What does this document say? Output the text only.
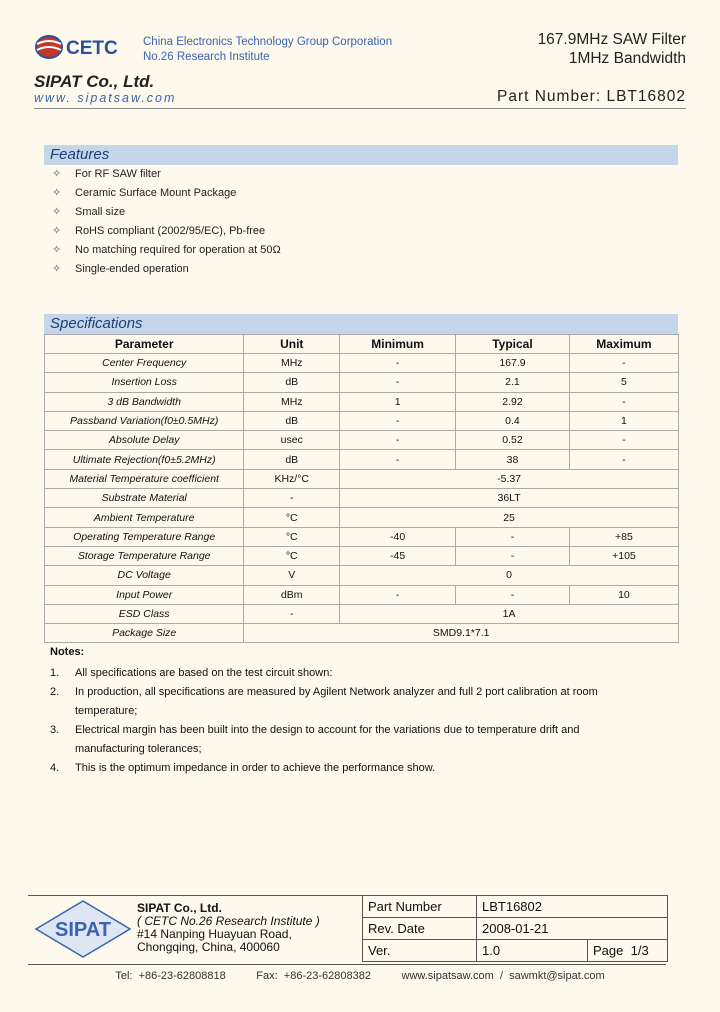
CETC China Electronics Technology Group Corporation
No.26 Research Institute
167.9MHz SAW Filter
1MHz Bandwidth
SIPAT Co., Ltd.
www. sipatsaw.com	Part Number: LBT16802
Features
✧ For RF SAW filter
✧ Ceramic Surface Mount Package
✧ Small size
✧ RoHS compliant (2002/95/EC), Pb-free
✧ No matching required for operation at 50Ω
✧ Single-ended operation
Specifications
Parameter	Unit	Minimum	Typical	Maximum
Center Frequency	MHz	-	167.9	-
Insertion Loss	dB	-	2.1	5
3 dB Bandwidth	MHz	1	2.92	-
Passband Variation(f0±0.5MHz)	dB	-	0.4	1
Absolute Delay	usec	-	0.52	-
Ultimate Rejection(f0±5.2MHz)	dB	-	38	-
Material Temperature coefficient	KHz/°C	-5.37		
Substrate Material	-	36LT		
Ambient Temperature	°C	25		
Operating Temperature Range	°C	-40	-	+85
Storage Temperature Range	°C	-45	-	+105
DC Voltage	V	0		
Input Power	dBm	-	-	10
ESD Class	-	1A		
Package Size	SMD9.1*7.1			
Notes:
1. All specifications are based on the test circuit shown:
2. In production, all specifications are measured by Agilent Network analyzer and full 2 port calibration at room temperature;
3. Electrical margin has been built into the design to account for the variations due to temperature drift and manufacturing tolerances;
4. This is the optimum impedance in order to achieve the performance show.
SIPAT
SIPAT Co., Ltd.
( CETC No.26 Research Institute )
#14 Nanping Huayuan Road,
Chongqing, China, 400060
Part Number	LBT16802	
Rev. Date	2008-01-21	
Ver.	1.0	Page 1/3
Tel:  +86-23-62808818          Fax:  +86-23-62808382          www.sipatsaw.com  /  sawmkt@sipat.com
